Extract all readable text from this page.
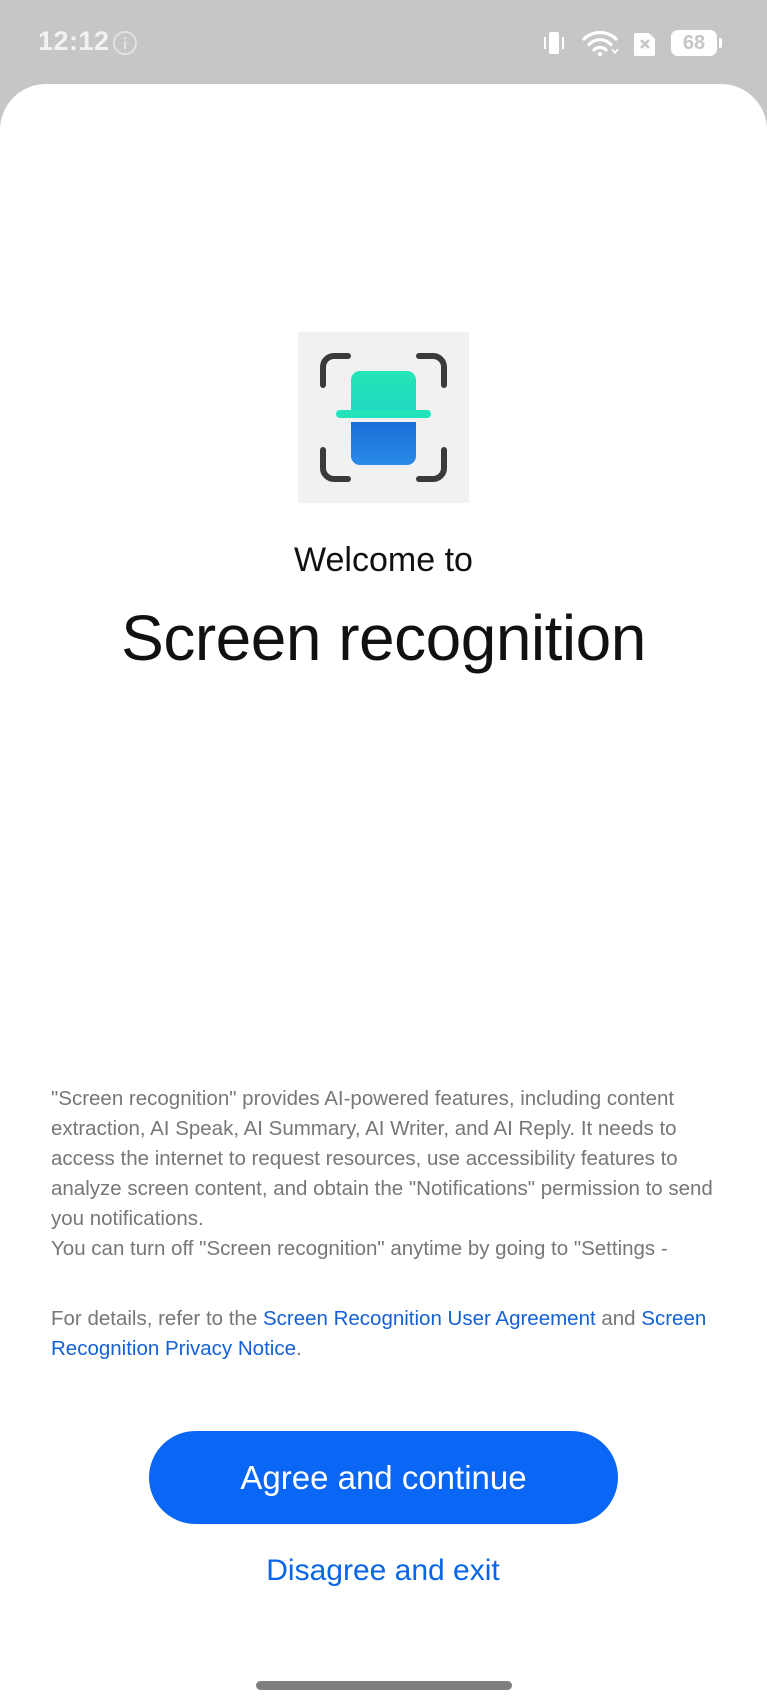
12:12	68
Welcome to
Screen recognition
"Screen recognition" provides AI-powered features, including content extraction, AI Speak, AI Summary, AI Writer, and AI Reply. It needs to access the internet to request resources, use accessibility features to analyze screen content, and obtain the "Notifications" permission to send you notifications.
You can turn off "Screen recognition" anytime by going to "Settings -
For details, refer to the Screen Recognition User Agreement and Screen Recognition Privacy Notice.
Agree and continue
Disagree and exit
